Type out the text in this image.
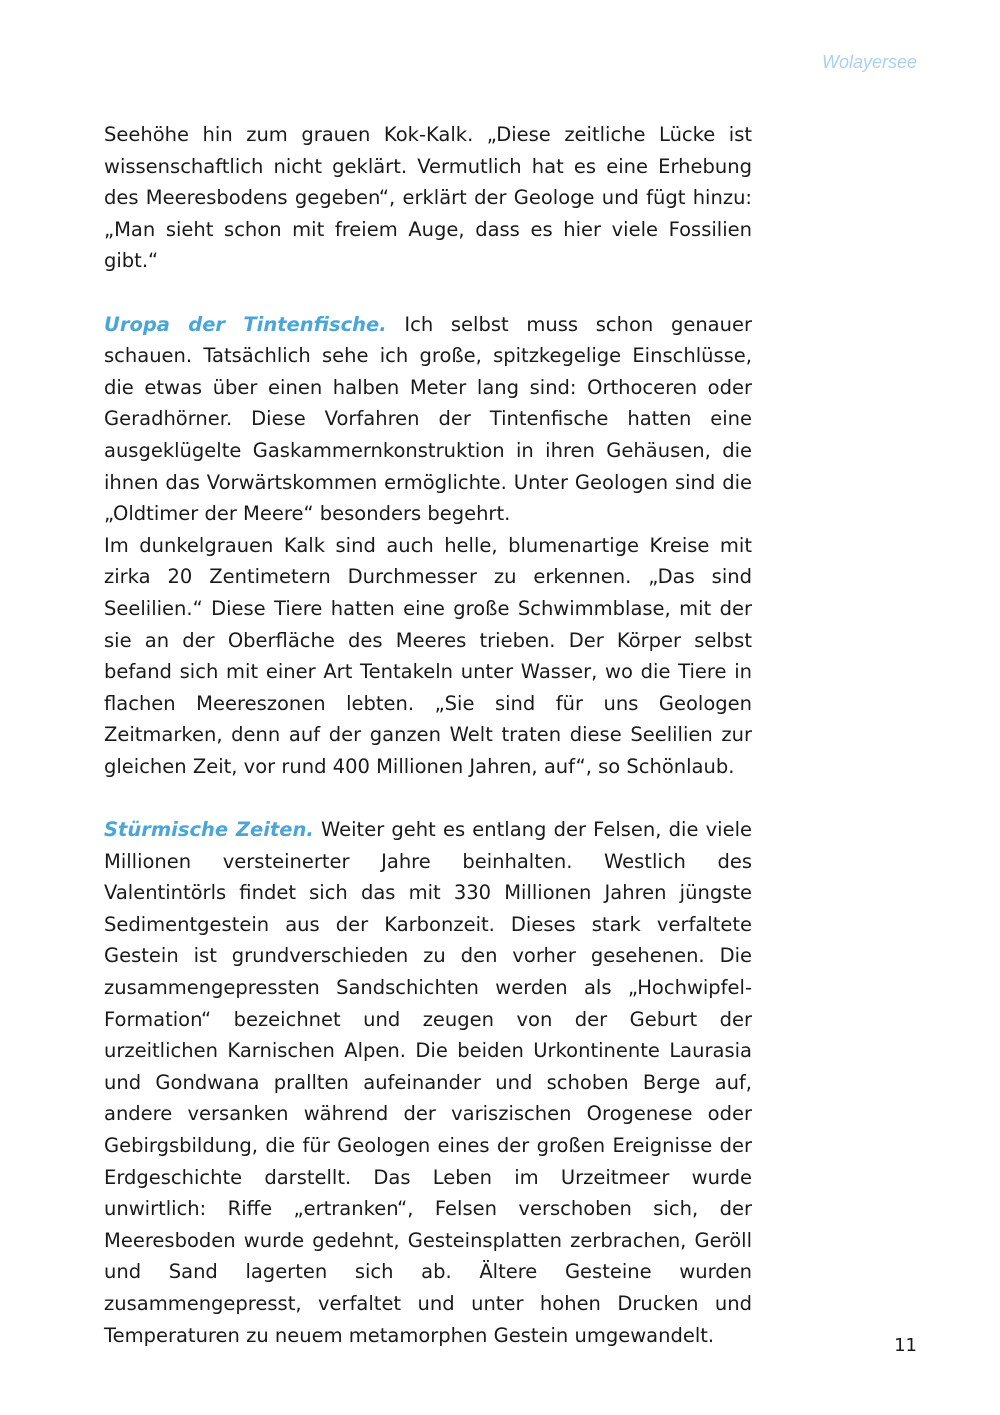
Wolayersee

Seehöhe hin zum grauen Kok-Kalk. „Diese zeitliche Lücke ist wissenschaftlich nicht geklärt. Vermutlich hat es eine Erhebung des Meeresbodens gegeben“, erklärt der Geologe und fügt hinzu: „Man sieht schon mit freiem Auge, dass es hier viele Fossilien gibt.“

Uropa der Tintenfische. Ich selbst muss schon genauer schauen. Tatsächlich sehe ich große, spitzkegelige Einschlüsse, die etwas über einen halben Meter lang sind: Orthoceren oder Geradhörner. Diese Vorfahren der Tintenfische hatten eine ausgeklügelte Gaskammernkonstruktion in ihren Gehäusen, die ihnen das Vorwärtskommen ermöglichte. Unter Geologen sind die „Oldtimer der Meere“ besonders begehrt.

Im dunkelgrauen Kalk sind auch helle, blumenartige Kreise mit zirka 20 Zentimetern Durchmesser zu erkennen. „Das sind Seelilien.“ Diese Tiere hatten eine große Schwimmblase, mit der sie an der Oberfläche des Meeres trieben. Der Körper selbst befand sich mit einer Art Tentakeln unter Wasser, wo die Tiere in flachen Meereszonen lebten. „Sie sind für uns Geologen Zeitmarken, denn auf der ganzen Welt traten diese Seelilien zur gleichen Zeit, vor rund 400 Millionen Jahren, auf“, so Schönlaub.

Stürmische Zeiten. Weiter geht es entlang der Felsen, die viele Millionen versteinerter Jahre beinhalten. Westlich des Valentintörls findet sich das mit 330 Millionen Jahren jüngste Sedimentgestein aus der Karbonzeit. Dieses stark verfaltete Gestein ist grundverschieden zu den vorher gesehenen. Die zusammengepressten Sandschichten werden als „Hochwipfel-Formation“ bezeichnet und zeugen von der Geburt der urzeitlichen Karnischen Alpen. Die beiden Urkontinente Laurasia und Gondwana prallten aufeinander und schoben Berge auf, andere versanken während der variszischen Orogenese oder Gebirgsbildung, die für Geologen eines der großen Ereignisse der Erdgeschichte darstellt. Das Leben im Urzeitmeer wurde unwirtlich: Riffe „ertranken“, Felsen verschoben sich, der Meeresboden wurde gedehnt, Gesteinsplatten zerbrachen, Geröll und Sand lagerten sich ab. Ältere Gesteine wurden zusammengepresst, verfaltet und unter hohen Drucken und Temperaturen zu neuem metamorphen Gestein umgewandelt.	11
